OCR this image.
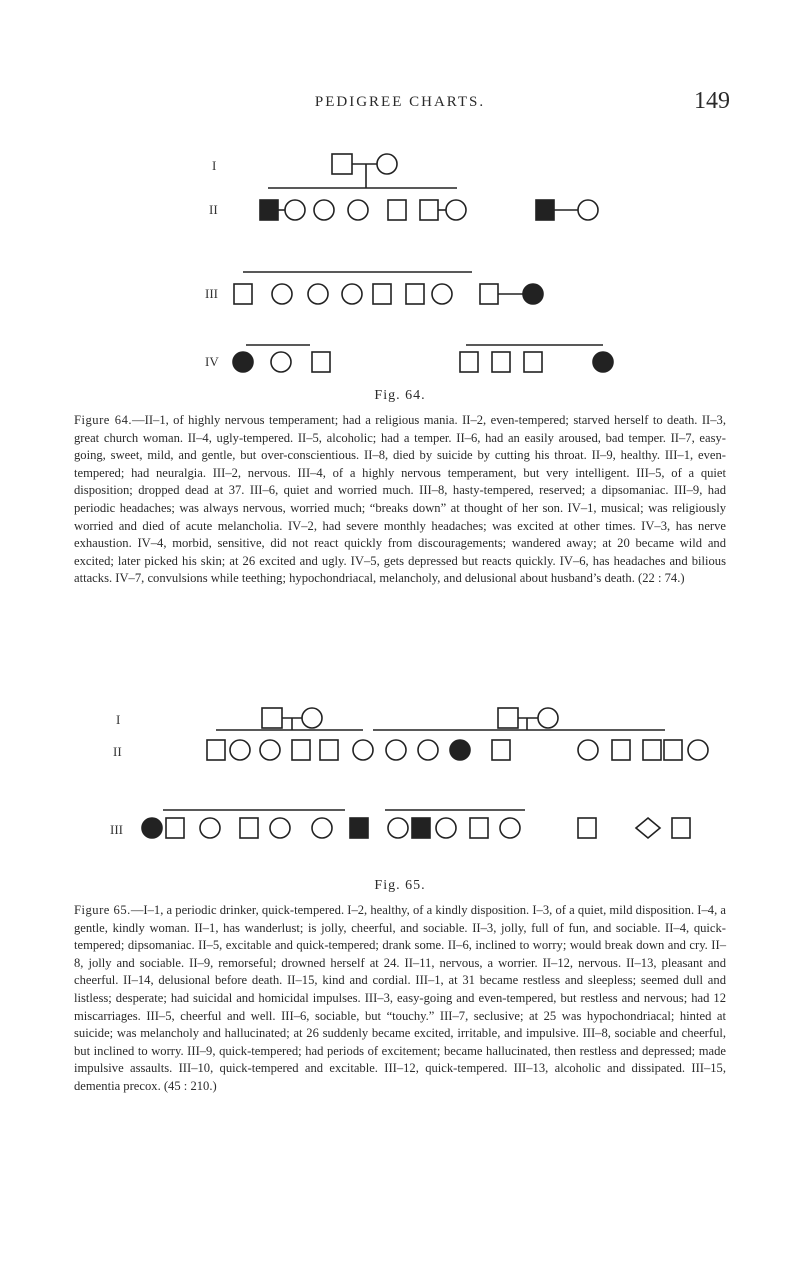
PEDIGREE CHARTS.	149
I
II
III
IV
Fig. 64.

Figure 64.—II–1, of highly nervous temperament; had a religious mania. II–2, even-tempered; starved herself to death. II–3, great church woman. II–4, ugly-tempered. II–5, alcoholic; had a temper. II–6, had an easily aroused, bad temper. II–7, easy-going, sweet, mild, and gentle, but over-conscientious. II–8, died by suicide by cutting his throat. II–9, healthy. III–1, even-tempered; had neuralgia. III–2, nervous. III–4, of a highly nervous temperament, but very intelligent. III–5, of a quiet disposition; dropped dead at 37. III–6, quiet and worried much. III–8, hasty-tempered, reserved; a dipsomaniac. III–9, had periodic headaches; was always nervous, worried much; “breaks down” at thought of her son. IV–1, musical; was religiously worried and died of acute melancholia. IV–2, had severe monthly headaches; was excited at other times. IV–3, has nerve exhaustion. IV–4, morbid, sensitive, did not react quickly from discouragements; wandered away; at 20 became wild and excited; later picked his skin; at 26 excited and ugly. IV–5, gets depressed but reacts quickly. IV–6, has headaches and bilious attacks. IV–7, convulsions while teething; hypochondriacal, melancholy, and delusional about husband’s death. (22 : 74.)

I
II
III
Fig. 65.

Figure 65.—I–1, a periodic drinker, quick-tempered. I–2, healthy, of a kindly disposition. I–3, of a quiet, mild disposition. I–4, a gentle, kindly woman. II–1, has wanderlust; is jolly, cheerful, and sociable. II–3, jolly, full of fun, and sociable. II–4, quick-tempered; dipsomaniac. II–5, excitable and quick-tempered; drank some. II–6, inclined to worry; would break down and cry. II–8, jolly and sociable. II–9, remorseful; drowned herself at 24. II–11, nervous, a worrier. II–12, nervous. II–13, pleasant and cheerful. II–14, delusional before death. II–15, kind and cordial. III–1, at 31 became restless and sleepless; seemed dull and listless; desperate; had suicidal and homicidal impulses. III–3, easy-going and even-tempered, but restless and nervous; had 12 miscarriages. III–5, cheerful and well. III–6, sociable, but “touchy.” III–7, seclusive; at 25 was hypochondriacal; hinted at suicide; was melancholy and hallucinated; at 26 suddenly became excited, irritable, and impulsive. III–8, sociable and cheerful, but inclined to worry. III–9, quick-tempered; had periods of excitement; became hallucinated, then restless and depressed; made impulsive assaults. III–10, quick-tempered and excitable. III–12, quick-tempered. III–13, alcoholic and dissipated. III–15, dementia precox. (45 : 210.)
